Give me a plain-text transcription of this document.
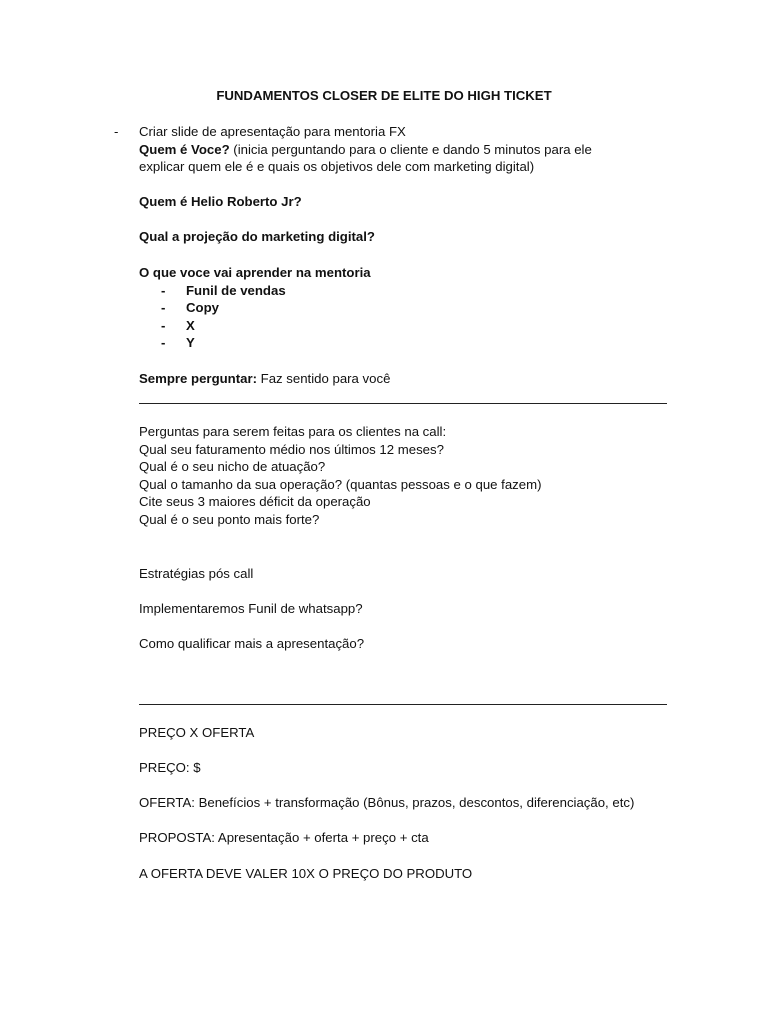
FUNDAMENTOS CLOSER DE ELITE DO HIGH TICKET
- Criar slide de apresentação para mentoria FX
Quem é Voce? (inicia perguntando para o cliente e dando 5 minutos para ele explicar quem ele é e quais os objetivos dele com marketing digital)
Quem é Helio Roberto Jr?
Qual a projeção do marketing digital?
O que voce vai aprender na mentoria
- Funil de vendas
- Copy
- X
- Y
Sempre perguntar: Faz sentido para você
Perguntas para serem feitas para os clientes na call:
Qual seu faturamento médio nos últimos 12 meses?
Qual é o seu nicho de atuação?
Qual o tamanho da sua operação? (quantas pessoas e o que fazem)
Cite seus 3 maiores déficit da operação
Qual é o seu ponto mais forte?
Estratégias pós call
Implementaremos Funil de whatsapp?
Como qualificar mais a apresentação?
PREÇO X OFERTA
PREÇO: $
OFERTA: Benefícios + transformação (Bônus, prazos, descontos, diferenciação, etc)
PROPOSTA: Apresentação + oferta + preço + cta
A OFERTA DEVE VALER 10X O PREÇO DO PRODUTO
